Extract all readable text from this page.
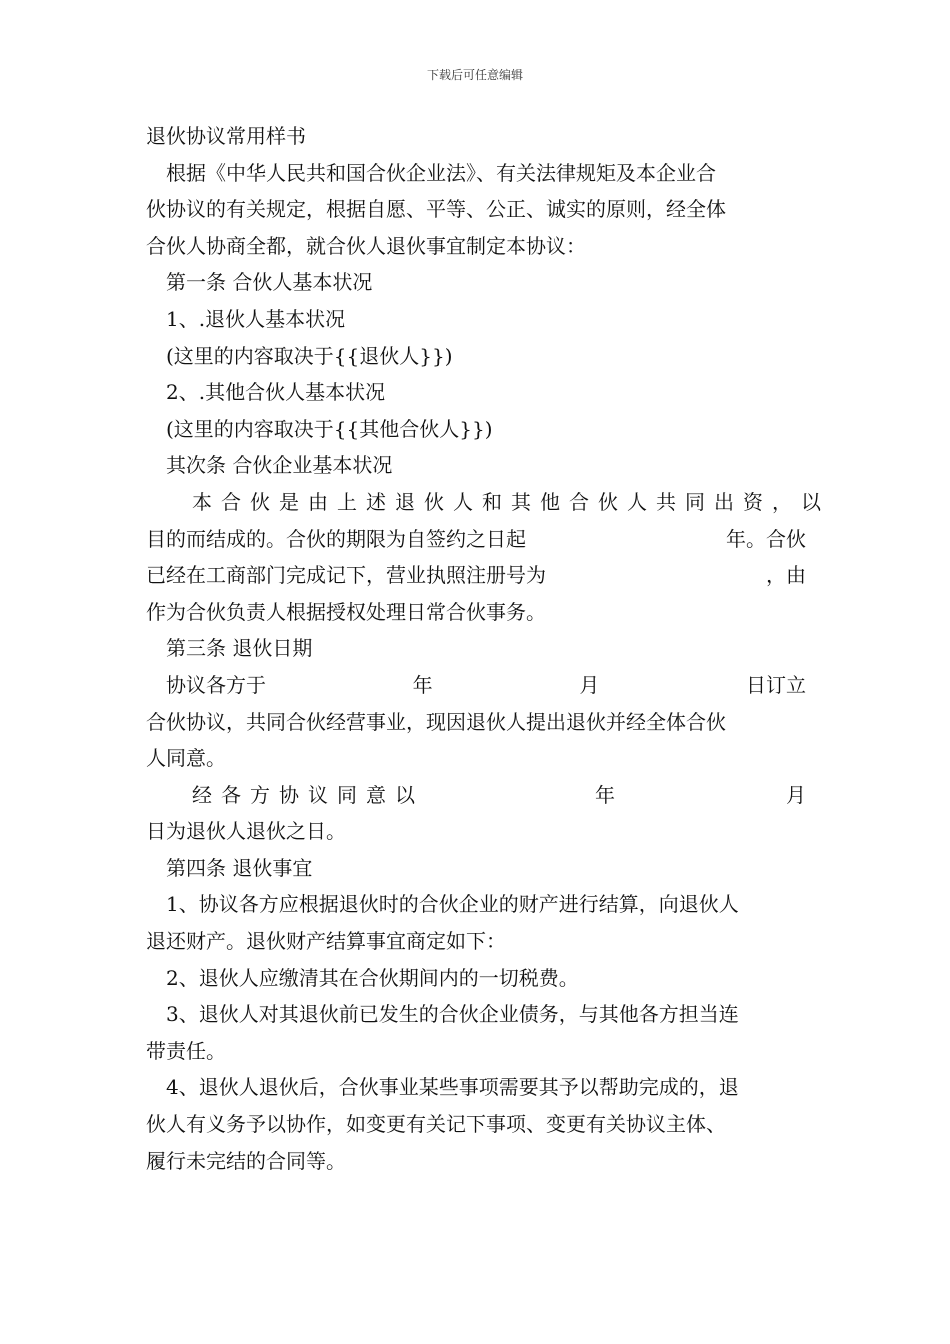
下载后可任意编辑
退伙协议常用样书
根据《中华人民共和国合伙企业法》、有关法律规矩及本企业合
伙协议的有关规定，根据自愿、平等、公正、诚实的原则，经全体
合伙人协商全都，就合伙人退伙事宜制定本协议：
第一条 合伙人基本状况
1、.退伙人基本状况
(这里的内容取决于{{退伙人}})
2、.其他合伙人基本状况
(这里的内容取决于{{其他合伙人}})
其次条 合伙企业基本状况
本合伙是由上述退伙人和其他合伙人共同出资， 以
目的而结成的。合伙的期限为自签约之日起	年。合伙
已经在工商部门完成记下，营业执照注册号为	，由
作为合伙负责人根据授权处理日常合伙事务。
第三条 退伙日期
协议各方于	年	月	日订立
合伙协议，共同合伙经营事业，现因退伙人提出退伙并经全体合伙
人同意。
经各方协议同意以	年	月
日为退伙人退伙之日。
第四条 退伙事宜
1、协议各方应根据退伙时的合伙企业的财产进行结算，向退伙人
退还财产。退伙财产结算事宜商定如下：
2、退伙人应缴清其在合伙期间内的一切税费。
3、退伙人对其退伙前已发生的合伙企业债务，与其他各方担当连
带责任。
4、退伙人退伙后，合伙事业某些事项需要其予以帮助完成的，退
伙人有义务予以协作，如变更有关记下事项、变更有关协议主体、
履行未完结的合同等。
